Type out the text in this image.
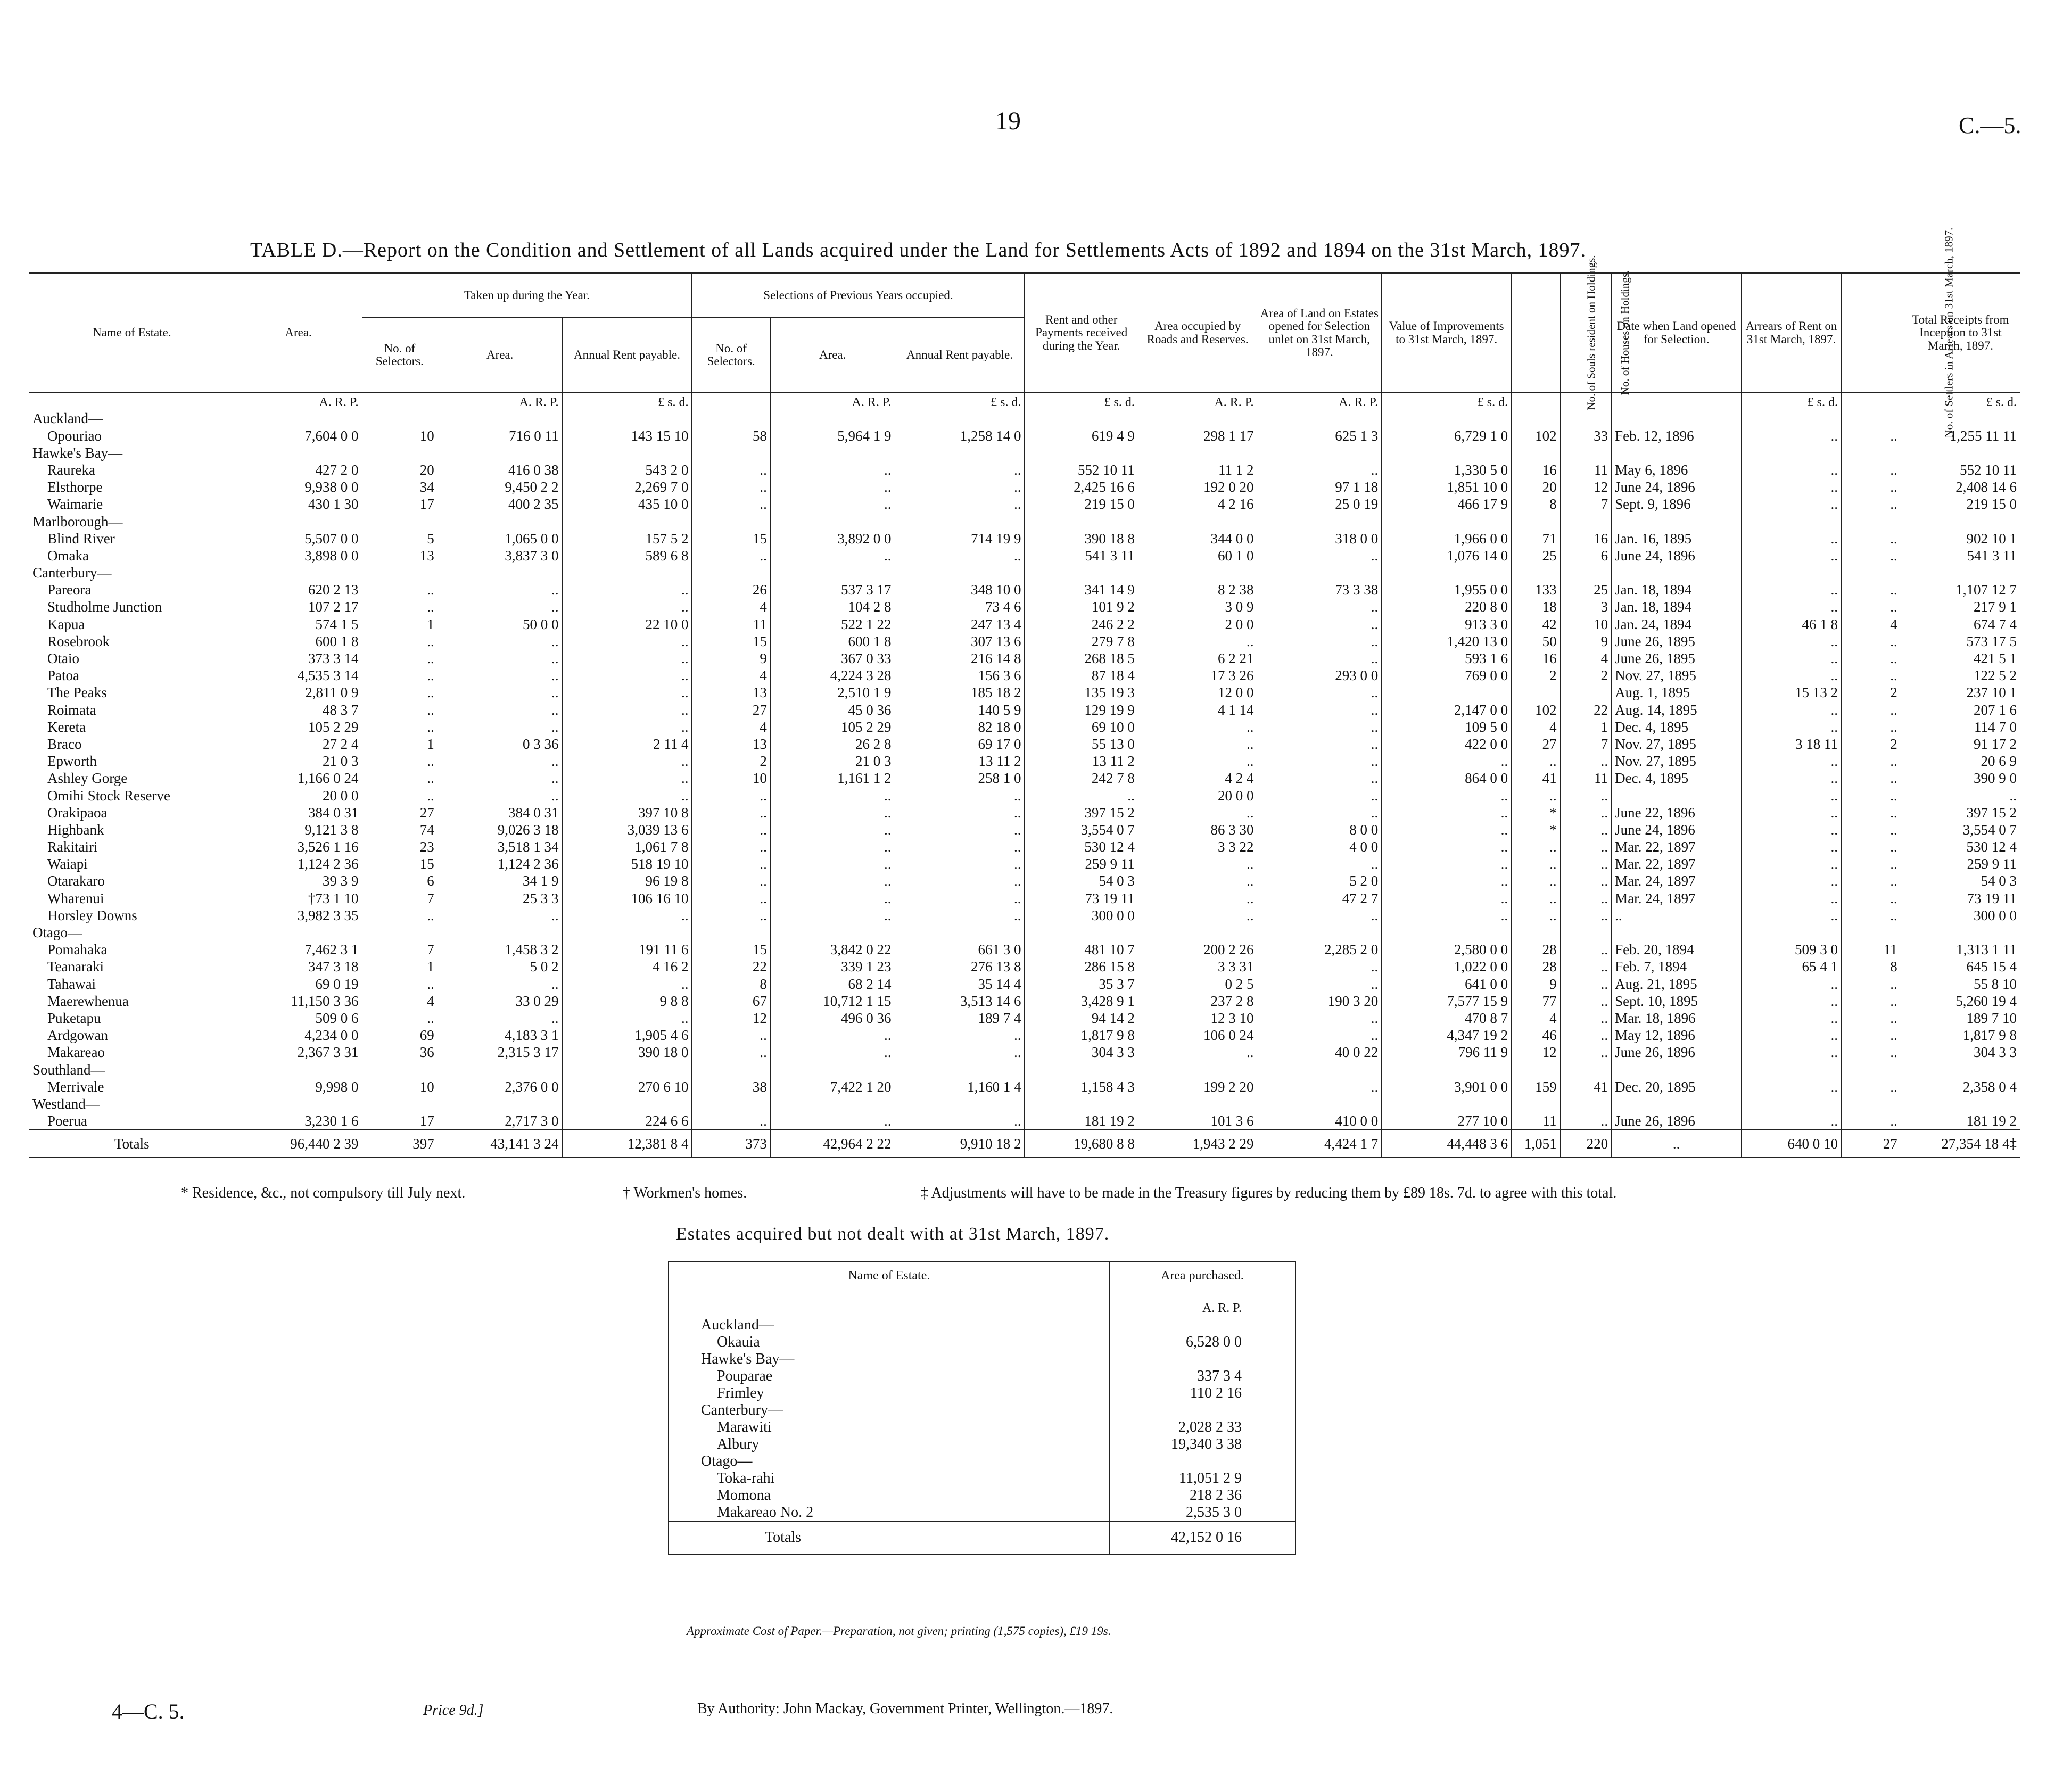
19	C.—5.
TABLE D.—Report on the Condition and Settlement of all Lands acquired under the Land for Settlements Acts of 1892 and 1894 on the 31st March, 1897.
Name of Estate.	Area.	Taken up during the Year.			Selections of Previous Years occupied.			Rent and other Payments received during the Year.	Area occupied by Roads and Reserves.	Area of Land on Estates opened for Selection unlet on 31st March, 1897.	Value of Improvements to 31st March, 1897.	No. of Souls resident on Holdings.	No. of Houses on Holdings.	Date when Land opened for Selection.	Arrears of Rent on 31st March, 1897.	No. of Settlers in Arrears on 31st March, 1897.	Total Receipts from Inception to 31st March, 1897.
		No. of Selectors.	Area.	Annual Rent payable.	No. of Selectors.	Area.	Annual Rent payable.										
	A. R. P.		A. R. P.	£ s. d.		A. R. P.	£ s. d.	£ s. d.	A. R. P.	A. R. P.	£ s. d.				£ s. d.		£ s. d.
Auckland—																	
Opouriao	7,604 0 0	10	716 0 11	143 15 10	58	5,964 1 9	1,258 14 0	619 4 9	298 1 17	625 1 3	6,729 1 0	102	33	Feb. 12, 1896	..	..	1,255 11 11
Hawke's Bay—																	
Raureka	427 2 0	20	416 0 38	543 2 0	..	..	..	552 10 11	11 1 2	..	1,330 5 0	16	11	May 6, 1896	..	..	552 10 11
Elsthorpe	9,938 0 0	34	9,450 2 2	2,269 7 0	..	..	..	2,425 16 6	192 0 20	97 1 18	1,851 10 0	20	12	June 24, 1896	..	..	2,408 14 6
Waimarie	430 1 30	17	400 2 35	435 10 0	..	..	..	219 15 0	4 2 16	25 0 19	466 17 9	8	7	Sept. 9, 1896	..	..	219 15 0
Marlborough—																	
Blind River	5,507 0 0	5	1,065 0 0	157 5 2	15	3,892 0 0	714 19 9	390 18 8	344 0 0	318 0 0	1,966 0 0	71	16	Jan. 16, 1895	..	..	902 10 1
Omaka	3,898 0 0	13	3,837 3 0	589 6 8	..	..	..	541 3 11	60 1 0	..	1,076 14 0	25	6	June 24, 1896	..	..	541 3 11
Canterbury—																	
Pareora	620 2 13	..	..	..	26	537 3 17	348 10 0	341 14 9	8 2 38	73 3 38	1,955 0 0	133	25	Jan. 18, 1894	..	..	1,107 12 7
Studholme Junction	107 2 17	..	..	..	4	104 2 8	73 4 6	101 9 2	3 0 9	..	220 8 0	18	3	Jan. 18, 1894	..	..	217 9 1
Kapua	574 1 5	1	50 0 0	22 10 0	11	522 1 22	247 13 4	246 2 2	2 0 0	..	913 3 0	42	10	Jan. 24, 1894	46 1 8	4	674 7 4
Rosebrook	600 1 8	..	..	..	15	600 1 8	307 13 6	279 7 8	..	..	1,420 13 0	50	9	June 26, 1895	..	..	573 17 5
Otaio	373 3 14	..	..	..	9	367 0 33	216 14 8	268 18 5	6 2 21	..	593 1 6	16	4	June 26, 1895	..	..	421 5 1
Patoa	4,535 3 14	..	..	..	4	4,224 3 28	156 3 6	87 18 4	17 3 26	293 0 0	769 0 0	2	2	Nov. 27, 1895	..	..	122 5 2
The Peaks	2,811 0 9	..	..	..	13	2,510 1 9	185 18 2	135 19 3	12 0 0	..				Aug. 1, 1895	15 13 2	2	237 10 1
Roimata	48 3 7	..	..	..	27	45 0 36	140 5 9	129 19 9	4 1 14	..	2,147 0 0	102	22	Aug. 14, 1895	..	..	207 1 6
Kereta	105 2 29	..	..	..	4	105 2 29	82 18 0	69 10 0	..	..	109 5 0	4	1	Dec. 4, 1895	..	..	114 7 0
Braco	27 2 4	1	0 3 36	2 11 4	13	26 2 8	69 17 0	55 13 0	..	..	422 0 0	27	7	Nov. 27, 1895	3 18 11	2	91 17 2
Epworth	21 0 3	..	..	..	2	21 0 3	13 11 2	13 11 2	..	..	..	..	..	Nov. 27, 1895	..	..	20 6 9
Ashley Gorge	1,166 0 24	..	..	..	10	1,161 1 2	258 1 0	242 7 8	4 2 4	..	864 0 0	41	11	Dec. 4, 1895	..	..	390 9 0
Omihi Stock Reserve	20 0 0	..	..	..	..	..	..	..	20 0 0	..	..	..	..		..	..	..
Orakipaoa	384 0 31	27	384 0 31	397 10 8	..	..	..	397 15 2	..	..	..	*	..	June 22, 1896	..	..	397 15 2
Highbank	9,121 3 8	74	9,026 3 18	3,039 13 6	..	..	..	3,554 0 7	86 3 30	8 0 0	..	*	..	June 24, 1896	..	..	3,554 0 7
Rakitairi	3,526 1 16	23	3,518 1 34	1,061 7 8	..	..	..	530 12 4	3 3 22	4 0 0	..	..	..	Mar. 22, 1897	..	..	530 12 4
Waiapi	1,124 2 36	15	1,124 2 36	518 19 10	..	..	..	259 9 11	..	..	..	..	..	Mar. 22, 1897	..	..	259 9 11
Otarakaro	39 3 9	6	34 1 9	96 19 8	..	..	..	54 0 3	..	5 2 0	..	..	..	Mar. 24, 1897	..	..	54 0 3
Wharenui	†73 1 10	7	25 3 3	106 16 10	..	..	..	73 19 11	..	47 2 7	..	..	..	Mar. 24, 1897	..	..	73 19 11
Horsley Downs	3,982 3 35	..	..	..	..	..	..	300 0 0	..	..	..	..	..	..	..	..	300 0 0
Otago—																	
Pomahaka	7,462 3 1	7	1,458 3 2	191 11 6	15	3,842 0 22	661 3 0	481 10 7	200 2 26	2,285 2 0	2,580 0 0	28	..	Feb. 20, 1894	509 3 0	11	1,313 1 11
Teanaraki	347 3 18	1	5 0 2	4 16 2	22	339 1 23	276 13 8	286 15 8	3 3 31	..	1,022 0 0	28	..	Feb. 7, 1894	65 4 1	8	645 15 4
Tahawai	69 0 19	..	..	..	8	68 2 14	35 14 4	35 3 7	0 2 5	..	641 0 0	9	..	Aug. 21, 1895	..	..	55 8 10
Maerewhenua	11,150 3 36	4	33 0 29	9 8 8	67	10,712 1 15	3,513 14 6	3,428 9 1	237 2 8	190 3 20	7,577 15 9	77	..	Sept. 10, 1895	..	..	5,260 19 4
Puketapu	509 0 6	..	..	..	12	496 0 36	189 7 4	94 14 2	12 3 10	..	470 8 7	4	..	Mar. 18, 1896	..	..	189 7 10
Ardgowan	4,234 0 0	69	4,183 3 1	1,905 4 6	..	..	..	1,817 9 8	106 0 24	..	4,347 19 2	46	..	May 12, 1896	..	..	1,817 9 8
Makareao	2,367 3 31	36	2,315 3 17	390 18 0	..	..	..	304 3 3	..	40 0 22	796 11 9	12	..	June 26, 1896	..	..	304 3 3
Southland—																	
Merrivale	9,998 0	10	2,376 0 0	270 6 10	38	7,422 1 20	1,160 1 4	1,158 4 3	199 2 20	..	3,901 0 0	159	41	Dec. 20, 1895	..	..	2,358 0 4
Westland—																	
Poerua	3,230 1 6	17	2,717 3 0	224 6 6	..	..	..	181 19 2	101 3 6	410 0 0	277 10 0	11	..	June 26, 1896	..	..	181 19 2
Totals	96,440 2 39	397	43,141 3 24	12,381 8 4	373	42,964 2 22	9,910 18 2	19,680 8 8	1,943 2 29	4,424 1 7	44,448 3 6	1,051	220	..	640 0 10	27	27,354 18 4‡
* Residence, &c., not compulsory till July next.	† Workmen's homes.	‡ Adjustments will have to be made in the Treasury figures by reducing them by £89 18s. 7d. to agree with this total.
Estates acquired but not dealt with at 31st March, 1897.
Name of Estate.	Area purchased.
	A. R. P.
Auckland—	
Okauia	6,528 0 0
Hawke's Bay—	
Pouparae	337 3 4
Frimley	110 2 16
Canterbury—	
Marawiti	2,028 2 33
Albury	19,340 3 38
Otago—	
Toka-rahi	11,051 2 9
Momona	218 2 36
Makareao No. 2	2,535 3 0
Totals	42,152 0 16
Approximate Cost of Paper.—Preparation, not given; printing (1,575 copies), £19 19s.
4—C. 5.	Price 9d.]	By Authority: John Mackay, Government Printer, Wellington.—1897.
